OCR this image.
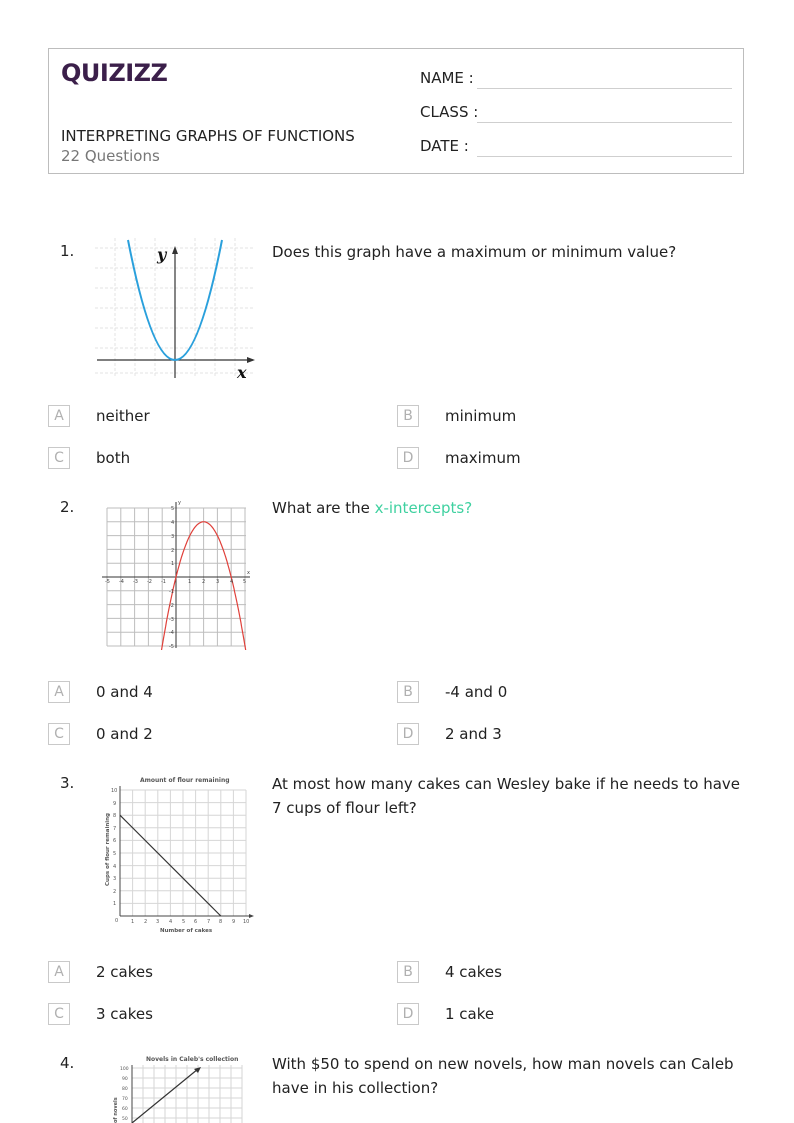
QUIZIZZ
INTERPRETING GRAPHS OF FUNCTIONS
22 Questions
NAME :
CLASS :
DATE :
1.	Does this graph have a maximum or minimum value?
y
x
A	neither	B	minimum
C	both	D	maximum
2.	What are the x-intercepts?
-5 -4 -3 -2 -1	1 2 3 4 5
5
4
3
2
1
-1
-2
-3
-4
-5
x
y
A	0 and 4	B	-4 and 0
C	0 and 2	D	2 and 3
3.	At most how many cakes can Wesley bake if he needs to have 7 cups of flour left?
Amount of flour remaining
10
9
8
7
6
5
4
3
2
1
0	1 2 3 4 5 6 7 8 9 10
Number of cakes
Cups of flour remaining
A	2 cakes	B	4 cakes
C	3 cakes	D	1 cake
4.	With $50 to spend on new novels, how man novels can Caleb have in his collection?
Novels in Caleb's collection
100
90
80
70
60
50
of novels
